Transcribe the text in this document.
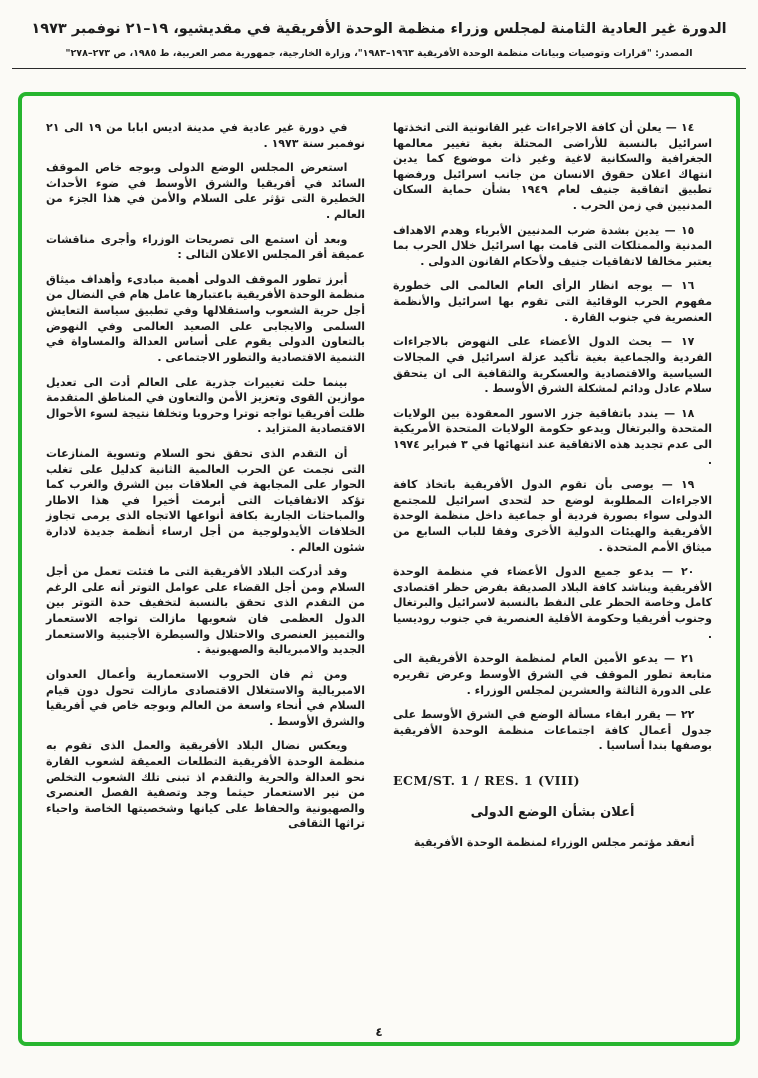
الدورة غير العادية الثامنة لمجلس وزراء منظمة الوحدة الأفريقية في مقديشيو، ١٩–٢١ نوفمبر ١٩٧٣
المصدر: "قرارات وتوصيات وبيانات منظمة الوحدة الأفريقية ١٩٦٣–١٩٨٣"، وزارة الخارجية، جمهورية مصر العربية، ط ١٩٨٥، ص ٢٧٣–٢٧٨"

١٤ — يعلن أن كافة الاجراءات غير القانونية التى اتخذتها اسرائيل بالنسبة للأراضى المحتلة بغية تغيير معالمها الجغرافية والسكانية لاغية وغير ذات موضوع كما يدين انتهاك اعلان حقوق الانسان من جانب اسرائيل ورفضها تطبيق اتفاقية جنيف لعام ١٩٤٩ بشأن حماية السكان المدنيين في زمن الحرب .

١٥ — يدين بشدة ضرب المدنيين الأبرياء وهدم الاهداف المدنية والممتلكات التى قامت بها اسرائيل خلال الحرب بما يعتبر مخالفا لاتفاقيات جنيف ولأحكام القانون الدولى .

١٦ — يوجه انظار الرأى العام العالمى الى خطورة مفهوم الحرب الوقائية التى تقوم بها اسرائيل والأنظمة العنصرية في جنوب القارة .

١٧ — يحث الدول الأعضاء على النهوض بالاجراءات الفردية والجماعية بغية تأكيد عزلة اسرائيل في المجالات السياسية والاقتصادية والعسكرية والثقافية الى ان يتحقق سلام عادل ودائم لمشكلة الشرق الأوسط .

١٨ — يندد باتفاقية جزر الاسور المعقودة بين الولايات المتحدة والبرتغال ويدعو حكومة الولايات المتحدة الأمريكية الى عدم تجديد هذه الاتفاقية عند انتهائها في ٣ فبراير ١٩٧٤ .

١٩ — يوصى بأن تقوم الدول الأفريقية باتخاذ كافة الاجراءات المطلوبة لوضع حد لتحدى اسرائيل للمجتمع الدولى سواء بصورة فردية أو جماعية داخل منظمة الوحدة الأفريقية والهيئات الدولية الأخرى وفقا للباب السابع من ميثاق الأمم المتحدة .

٢٠ — يدعو جميع الدول الأعضاء في منظمة الوحدة الأفريقية ويناشد كافة البلاد الصديقة بفرض حظر اقتصادى كامل وخاصة الحظر على النفط بالنسبة لاسرائيل والبرتغال وجنوب أفريقيا وحكومة الأقلية العنصرية في جنوب روديسيا .

٢١ — يدعو الأمين العام لمنظمة الوحدة الأفريقية الى متابعة تطور الموقف في الشرق الأوسط وعرض تقريره على الدورة الثالثة والعشرين لمجلس الوزراء .

٢٢ — يقرر ابقاء مسألة الوضع في الشرق الأوسط على جدول أعمال كافة اجتماعات منظمة الوحدة الأفريقية بوصفها بندا أساسيا .

ECM/ST. 1 / RES. 1 (VIII)
أعلان بشأن الوضع الدولى

أنعقد مؤتمر مجلس الوزراء لمنظمة الوحدة الأفريقية

في دورة غير عادية في مدينة اديس ابابا من ١٩ الى ٢١ نوفمبر سنة ١٩٧٣ .

استعرض المجلس الوضع الدولى وبوجه خاص الموقف السائد في أفريقيا والشرق الأوسط في ضوء الأحداث الخطيرة التى تؤثر على السلام والأمن في هذا الجزء من العالم .

وبعد أن استمع الى تصريحات الوزراء وأجرى مناقشات عميقة أقر المجلس الاعلان التالى :

أبرز تطور الموقف الدولى أهمية مبادىء وأهداف ميثاق منظمة الوحدة الأفريقية باعتبارها عامل هام في النضال من أجل حرية الشعوب واستقلالها وفي تطبيق سياسة التعايش السلمى والايجابى على الصعيد العالمى وفي النهوض بالتعاون الدولى يقوم على أساس العدالة والمساواة في التنمية الاقتصادية والتطور الاجتماعى .

بينما حلت تغييرات جذرية على العالم أدت الى تعديل موازين القوى وتعزيز الأمن والتعاون في المناطق المتقدمة ظلت أفريقيا تواجه توترا وحروبا وتخلفا نتيجة لسوء الأحوال الاقتصادية المتزايد .

أن التقدم الذى تحقق نحو السلام وتسوية المنازعات التى نجمت عن الحرب العالمية الثانية كدليل على تغلب الحوار على المجابهة في العلاقات بين الشرق والغرب كما تؤكد الاتفاقيات التى أبرمت أخيرا في هذا الاطار والمباحثات الجارية بكافة أنواعها الاتجاه الذى يرمى تجاوز الخلافات الأيدولوجية من أجل ارساء أنظمة جديدة لادارة شئون العالم .

وقد أدركت البلاد الأفريقية التى ما فتئت تعمل من أجل السلام ومن أجل القضاء على عوامل التوتر أنه على الرغم من التقدم الذى تحقق بالنسبة لتخفيف حدة التوتر بين الدول العظمى فان شعوبها مازالت تواجه الاستعمار والتمييز العنصرى والاحتلال والسيطرة الأجنبية والاستعمار الجديد والامبريالية والصهيونية .

ومن ثم فان الحروب الاستعمارية وأعمال العدوان الامبريالية والاستغلال الاقتصادى مازالت تحول دون قيام السلام في أنحاء واسعة من العالم وبوجه خاص في أفريقيا والشرق الأوسط .

ويعكس نضال البلاد الأفريقية والعمل الذى تقوم به منظمة الوحدة الأفريقية التطلعات العميقة لشعوب القارة نحو العدالة والحرية والتقدم اذ تبنى تلك الشعوب التخلص من نير الاستعمار حيثما وجد وتصفية الفصل العنصرى والصهيونية والحفاظ على كيانها وشخصيتها الخاصة واحياء تراثها الثقافى

٤
